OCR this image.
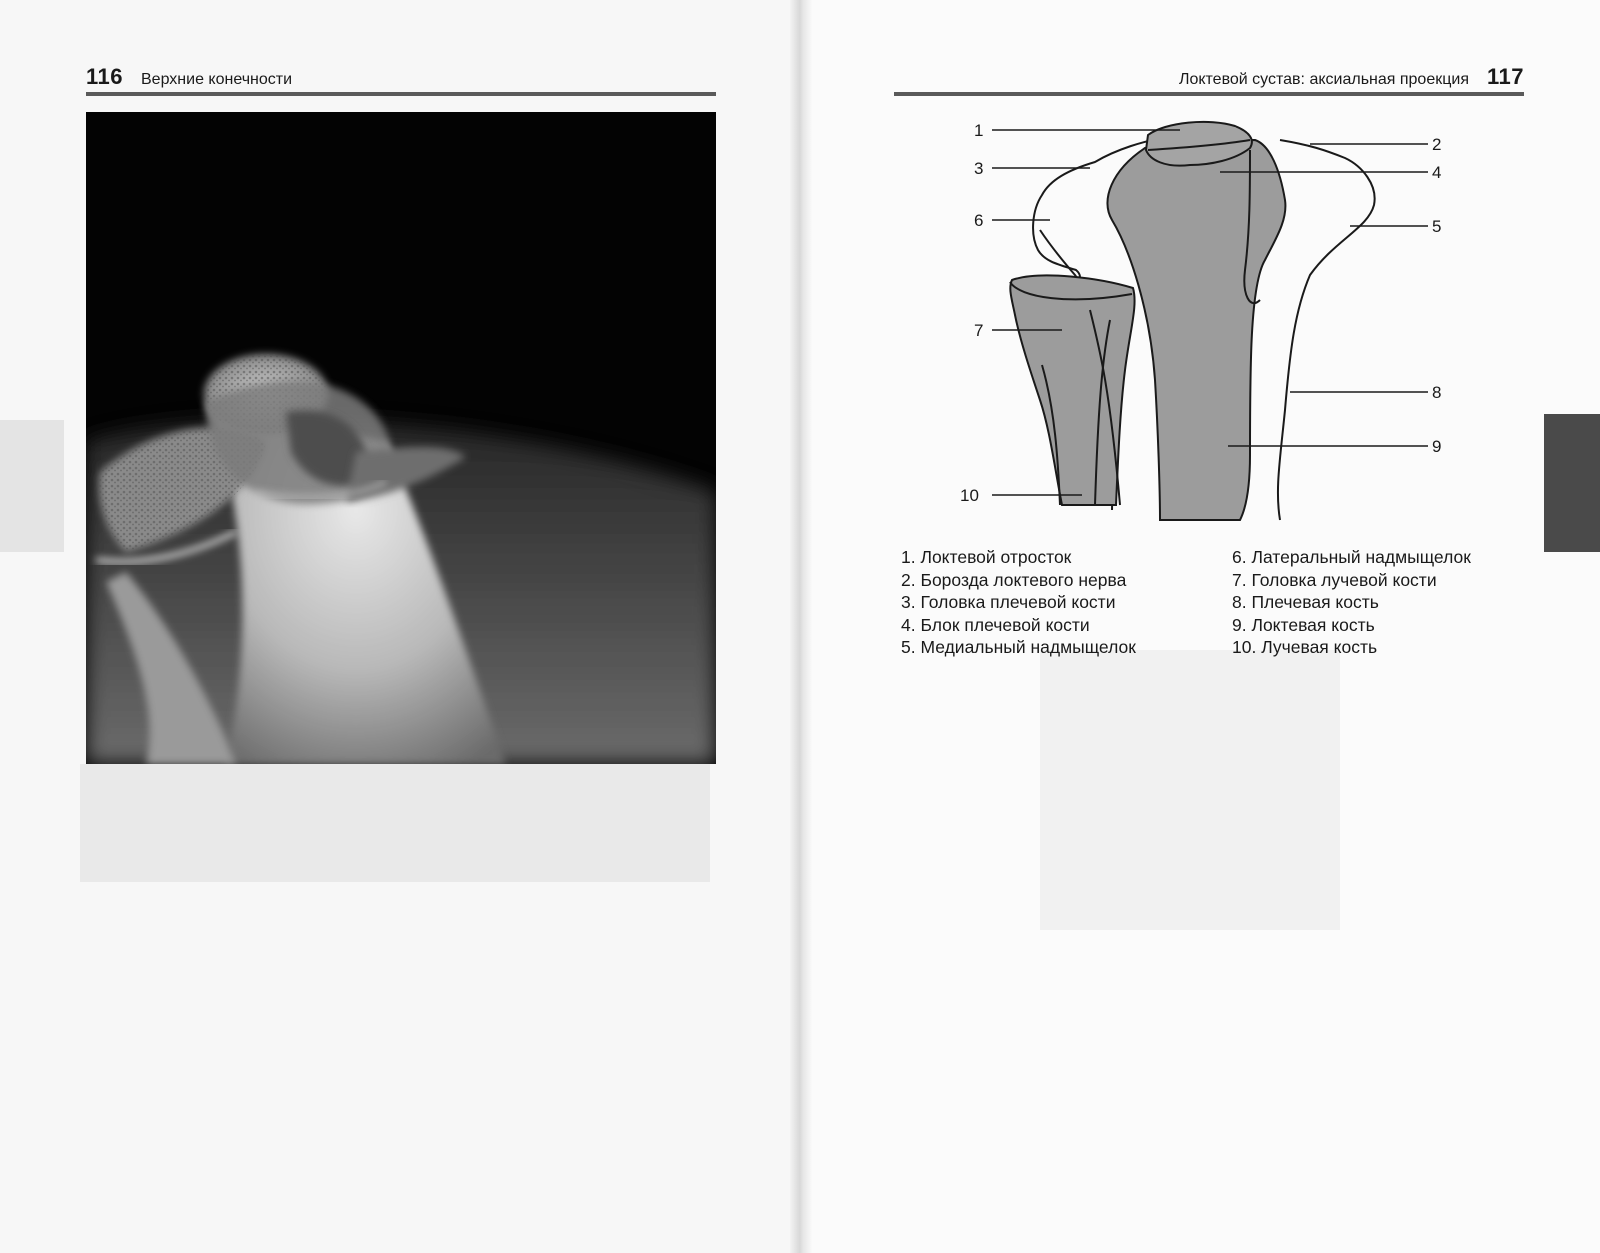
116 Верхние конечности	Локтевой сустав: аксиальная проекция 117
1
2
3	4
5
6
7
8
9
10
1. Локтевой отросток
2. Борозда локтевого нерва
3. Головка плечевой кости
4. Блок плечевой кости
5. Медиальный надмыщелок
6. Латеральный надмыщелок
7. Головка лучевой кости
8. Плечевая кость
9. Локтевая кость
10. Лучевая кость
